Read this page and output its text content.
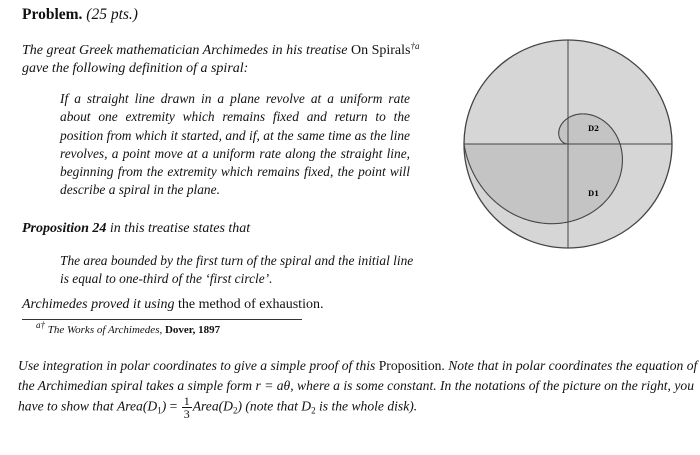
Problem. (25 pts.)
The great Greek mathematician Archimedes in his treatise On Spirals$^{\dagger a}$ gave the following definition of a spiral:
If a straight line drawn in a plane revolve at a uniform rate about one extremity which remains fixed and return to the position from which it started, and if, at the same time as the line revolves, a point move at a uniform rate along the straight line, beginning from the extremity which remains fixed, the point will describe a spiral in the plane.
Proposition 24 in this treatise states that
The area bounded by the first turn of the spiral and the initial line is equal to one-third of the ‘first circle’.
Archimedes proved it using the method of exhaustion.
$^{a\dagger}$ The Works of Archimedes, Dover, 1897
Use integration in polar coordinates to give a simple proof of this Proposition. Note that in polar coordinates the equation of the Archimedian spiral takes a simple form r = aθ, where a is some constant. In the notations of the picture on the right, you have to show that $Area(D_1) = \frac{1}{3}$ $Area(D_2)$ (note that $D_2$ is the whole disk).
D2
D1
